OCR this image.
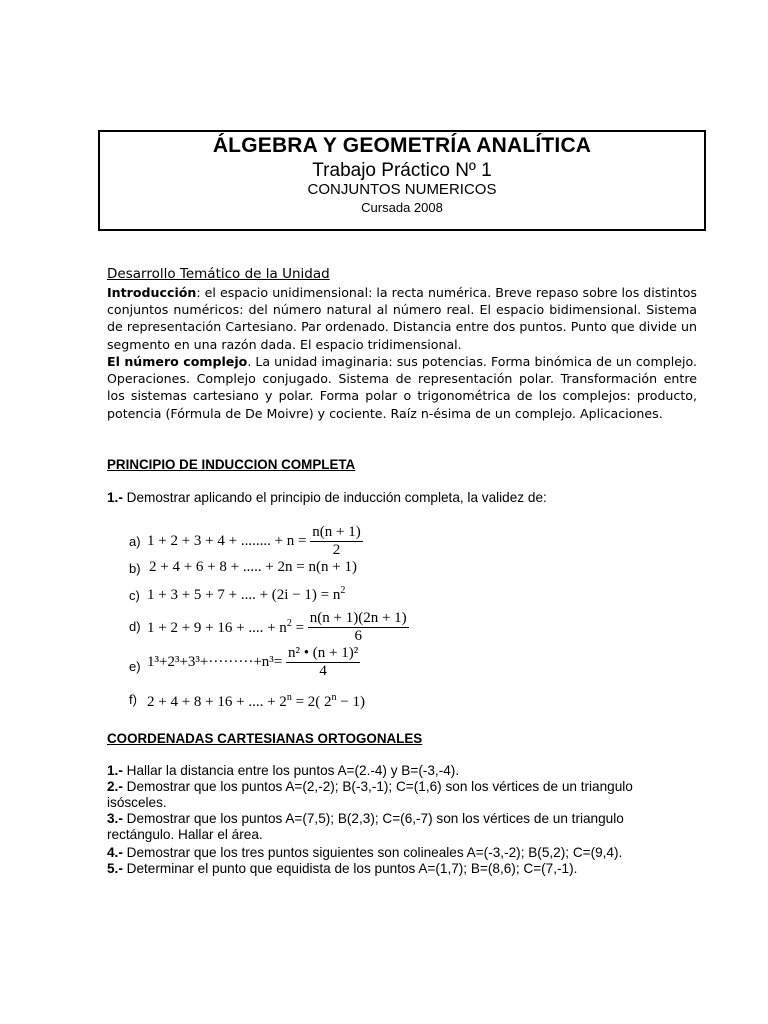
ÁLGEBRA Y GEOMETRÍA ANALÍTICA
Trabajo Práctico Nº 1
CONJUNTOS NUMERICOS
Cursada 2008
Desarrollo Temático de la Unidad

Introducción: el espacio unidimensional: la recta numérica. Breve repaso sobre los distintos conjuntos numéricos: del número natural al número real. El espacio bidimensional. Sistema de representación Cartesiano. Par ordenado. Distancia entre dos puntos. Punto que divide un segmento en una razón dada. El espacio tridimensional.

El número complejo. La unidad imaginaria: sus potencias. Forma binómica de un complejo. Operaciones. Complejo conjugado. Sistema de representación polar. Transformación entre los sistemas cartesiano y polar. Forma polar o trigonométrica de los complejos: producto, potencia (Fórmula de De Moivre) y cociente. Raíz n-ésima de un complejo. Aplicaciones.

PRINCIPIO DE INDUCCION COMPLETA
1.- Demostrar aplicando el principio de inducción completa, la validez de:
a) 1 + 2 + 3 + 4 + ........ + $n = \frac{n(n + 1)}{2}$
b) 2 + 4 + 6 + 8 + ..... + 2n = n(n + 1)
c) 1 + 3 + 5 + 7 + .... + $(2i - 1) = n^2$
d) 1 + 2 + 9 + 16 + .... + $n^2 = \frac{n(n + 1)(2n + 1)}{6}$
e) $1^3+2^3+3^3+\cdot\cdot\cdot\cdot\cdot\cdot\cdot\cdot\cdot+n^3= \frac{\text{n² • (n + 1)²}}{4}$
f) 2 + 4 + 8 + 16 + .... + $2^n = 2$( $2^n - 1$)
COORDENADAS CARTESIANAS ORTOGONALES
1.- Hallar la distancia entre los puntos A=(2.-4) y B=(-3,-4).
2.- Demostrar que los puntos A=(2,-2); B(-3,-1); C=(1,6) son los vértices de un triangulo
isósceles.
3.- Demostrar que los puntos A=(7,5); B(2,3); C=(6,-7) son los vértices de un triangulo
rectángulo. Hallar el área.
4.- Demostrar que los tres puntos siguientes son colineales A=(-3,-2); B(5,2); C=(9,4).
5.- Determinar el punto que equidista de los puntos A=(1,7); B=(8,6); C=(7,-1).
